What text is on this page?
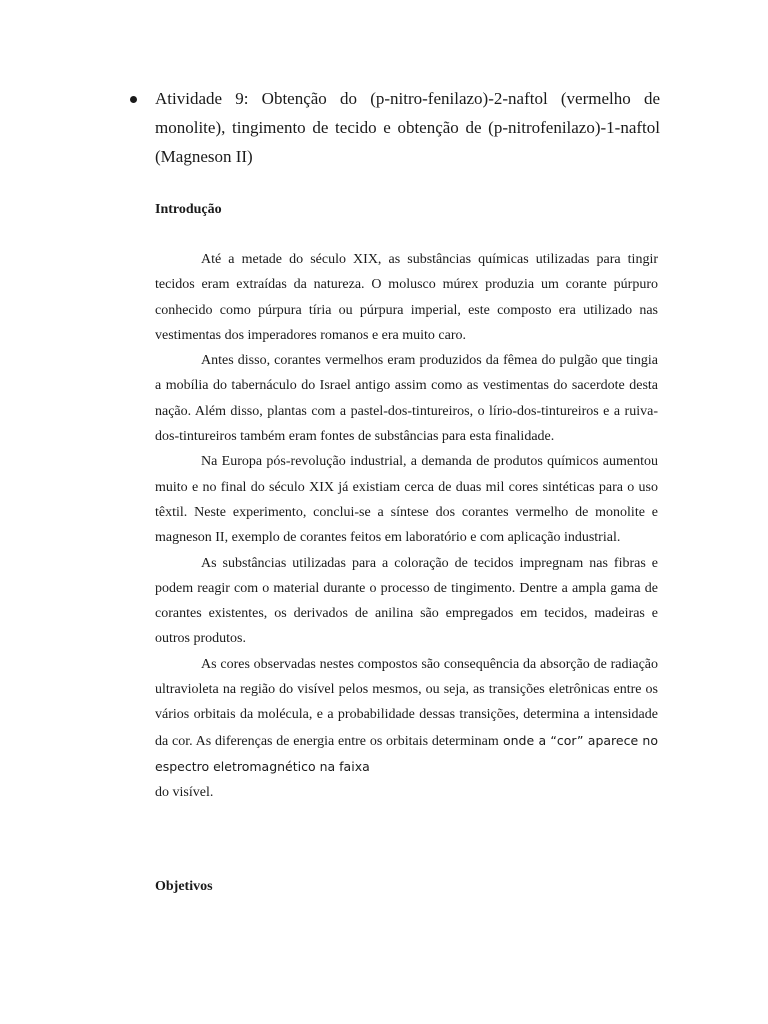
Atividade 9: Obtenção do (p-nitro-fenilazo)-2-naftol (vermelho de monolite), tingimento de tecido e obtenção de (p-nitrofenilazo)-1-naftol (Magneson II)
Introdução

Até a metade do século XIX, as substâncias químicas utilizadas para tingir tecidos eram extraídas da natureza. O molusco múrex produzia um corante púrpuro conhecido como púrpura tíria ou púrpura imperial, este composto era utilizado nas vestimentas dos imperadores romanos e era muito caro.

Antes disso, corantes vermelhos eram produzidos da fêmea do pulgão que tingia a mobília do tabernáculo do Israel antigo assim como as vestimentas do sacerdote desta nação. Além disso, plantas com a pastel-dos-tintureiros, o lírio-dos-tintureiros e a ruiva-dos-tintureiros também eram fontes de substâncias para esta finalidade.

Na Europa pós-revolução industrial, a demanda de produtos químicos aumentou muito e no final do século XIX já existiam cerca de duas mil cores sintéticas para o uso têxtil. Neste experimento, conclui-se a síntese dos corantes vermelho de monolite e magneson II, exemplo de corantes feitos em laboratório e com aplicação industrial.

As substâncias utilizadas para a coloração de tecidos impregnam nas fibras e podem reagir com o material durante o processo de tingimento. Dentre a ampla gama de corantes existentes, os derivados de anilina são empregados em tecidos, madeiras e outros produtos.

As cores observadas nestes compostos são consequência da absorção de radiação ultravioleta na região do visível pelos mesmos, ou seja, as transições eletrônicas entre os vários orbitais da molécula, e a probabilidade dessas transições, determina a intensidade da cor. As diferenças de energia entre os orbitais determinam onde a “cor” aparece no espectro eletromagnético na faixa
do visível.

Objetivos
